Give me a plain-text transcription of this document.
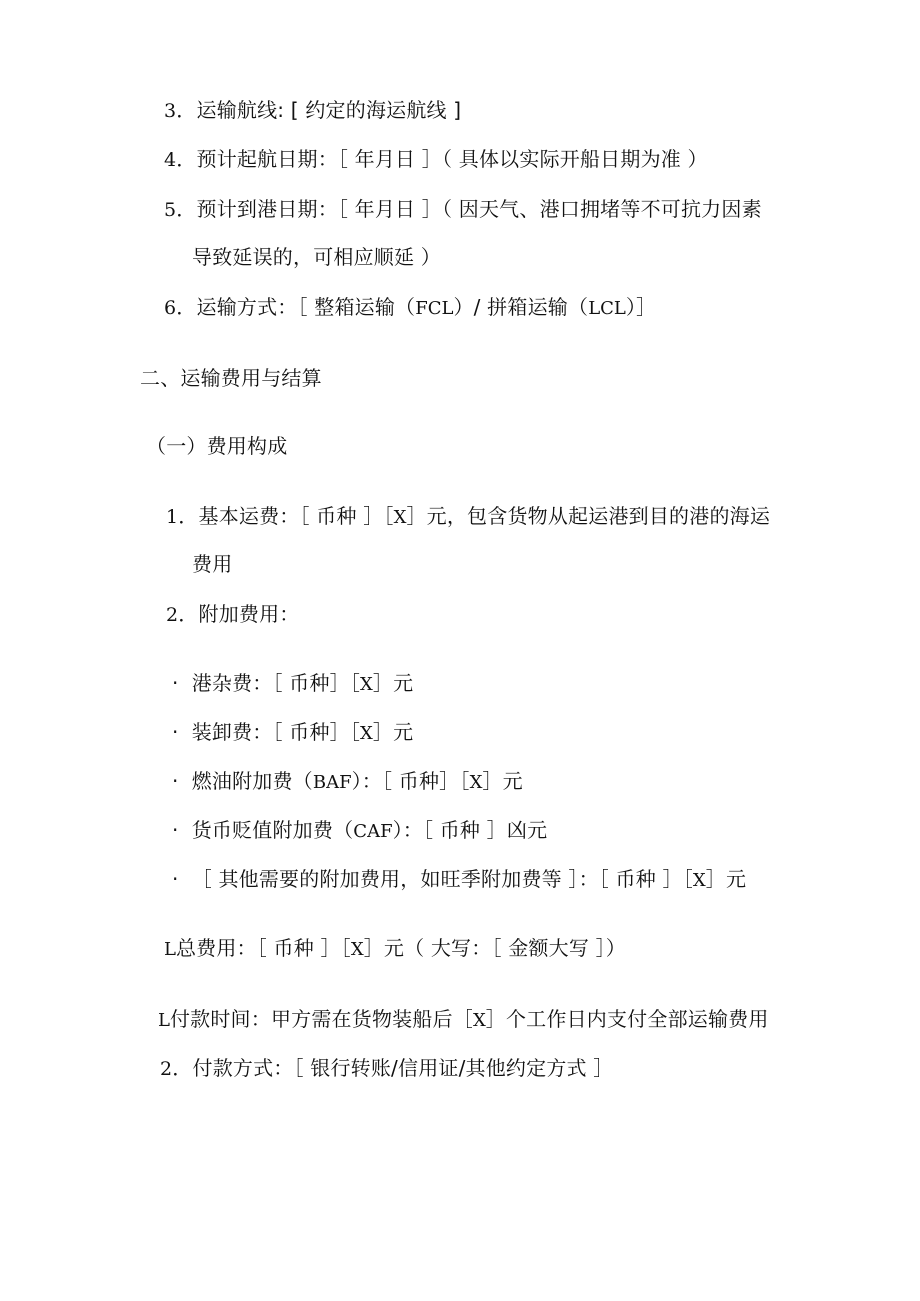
3．运输航线: [ 约定的海运航线 ]
4．预计起航日期：［ 年月日 ］（ 具体以实际开船日期为准 ）
5．预计到港日期：［ 年月日 ］（ 因天气、港口拥堵等不可抗力因素
导致延误的，可相应顺延 ）
6．运输方式：［ 整箱运输（FCL）/ 拼箱运输（LCL）］
二、运输费用与结算
（一）费用构成
1．基本运费：［ 币种 ］［X］元，包含货物从起运港到目的港的海运
费用
2．附加费用：
· 港杂费：［ 币种］［X］元
· 装卸费：［ 币种］［X］元
· 燃油附加费（BAF）：［ 币种］［X］元
· 货币贬值附加费（CAF）：［ 币种 ］凶元
· ［ 其他需要的附加费用，如旺季附加费等 ］：［ 币种 ］［X］元
L总费用：［ 币种 ］［X］元（ 大写：［ 金额大写 ］）
L付款时间：甲方需在货物装船后［X］个工作日内支付全部运输费用
2．付款方式：［ 银行转账/信用证/其他约定方式 ］
